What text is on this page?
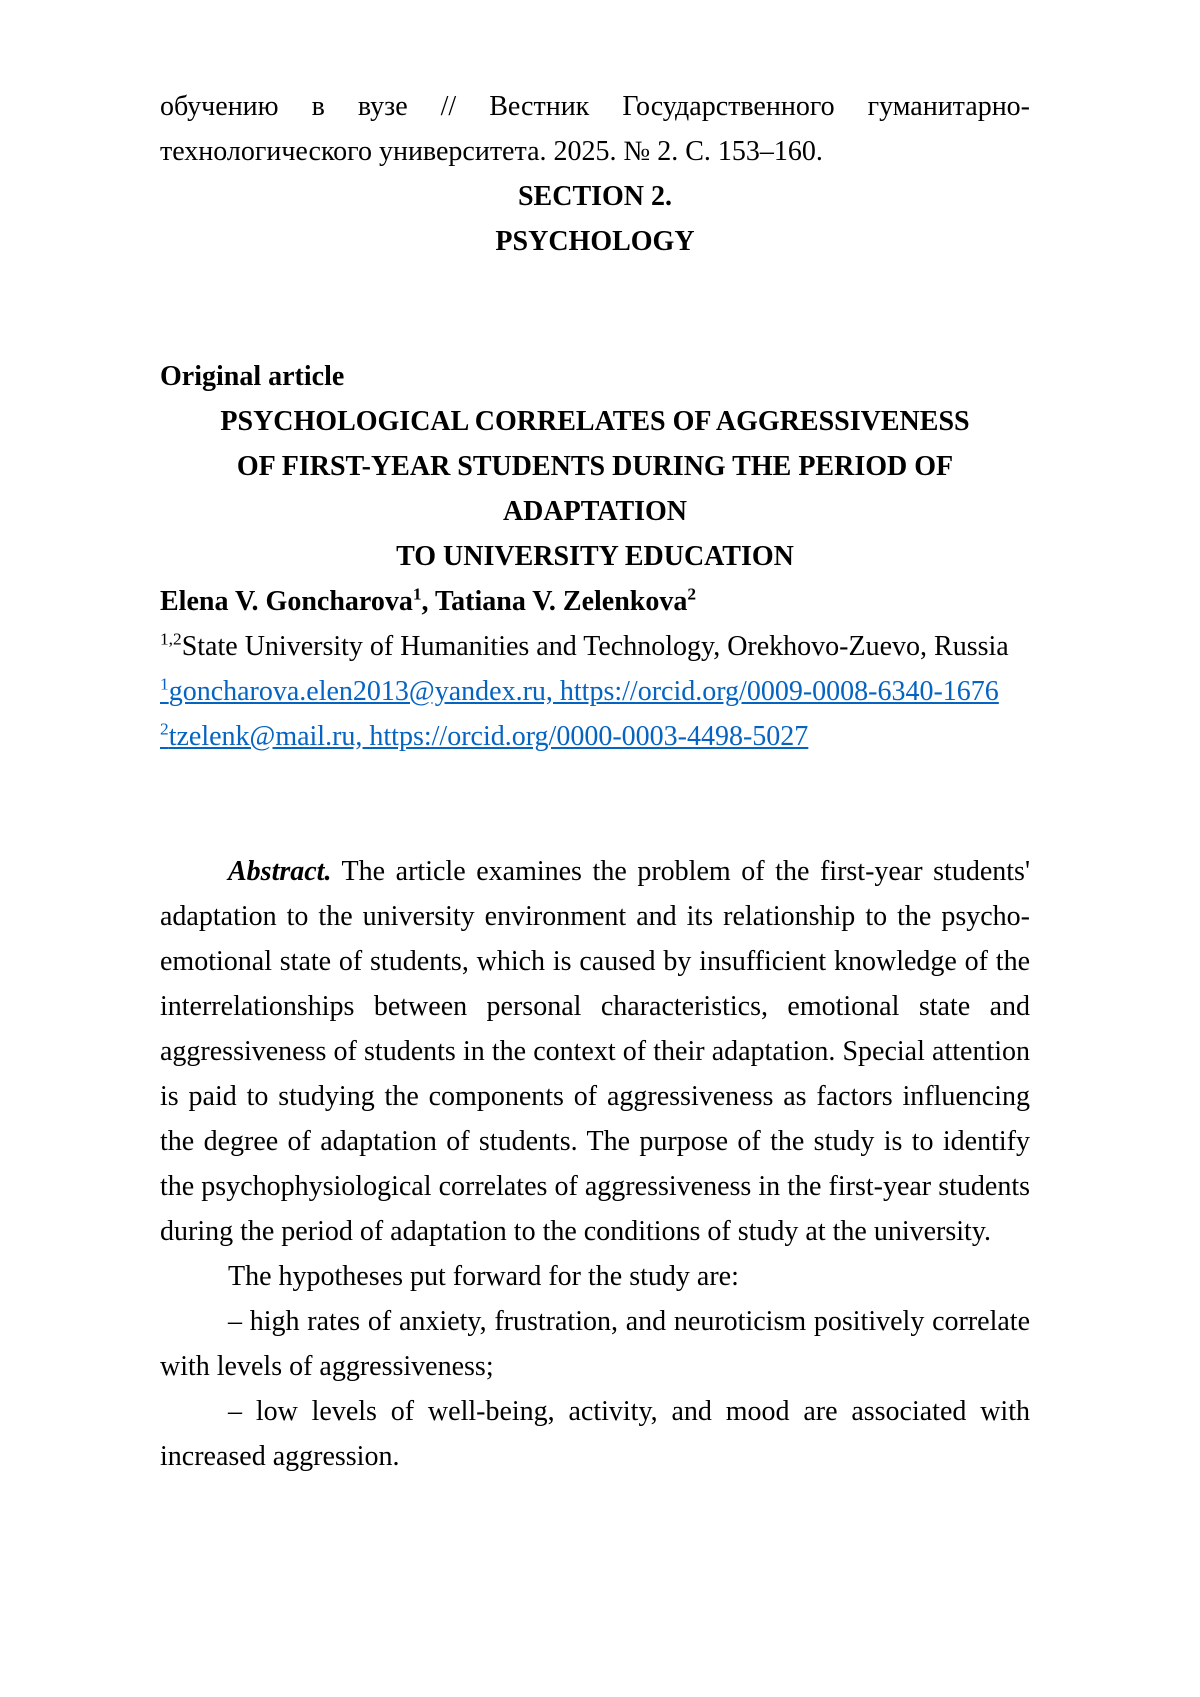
обучению в вузе // Вестник Государственного гуманитарно-технологического университета. 2025. № 2. С. 153–160.

SECTION 2.

PSYCHOLOGY

Original article

PSYCHOLOGICAL CORRELATES OF AGGRESSIVENESS
OF FIRST-YEAR STUDENTS DURING THE PERIOD OF ADAPTATION
TO UNIVERSITY EDUCATION

Elena V. Goncharova$^1$, Tatiana V. Zelenkova$^2$

$^{1,2}$State University of Humanities and Technology, Orekhovo-Zuevo, Russia

$^1$goncharova.elen2013@yandex.ru, https://orcid.org/0009-0008-6340-1676

$^2$tzelenk@mail.ru, https://orcid.org/0000-0003-4498-5027

Abstract. The article examines the problem of the first-year students' adaptation to the university environment and its relationship to the psycho-emotional state of students, which is caused by insufficient knowledge of the interrelationships between personal characteristics, emotional state and aggressiveness of students in the context of their adaptation. Special attention is paid to studying the components of aggressiveness as factors influencing the degree of adaptation of students. The purpose of the study is to identify the psychophysiological correlates of aggressiveness in the first-year students during the period of adaptation to the conditions of study at the university.

The hypotheses put forward for the study are:

– high rates of anxiety, frustration, and neuroticism positively correlate with levels of aggressiveness;

– low levels of well-being, activity, and mood are associated with increased aggression.
